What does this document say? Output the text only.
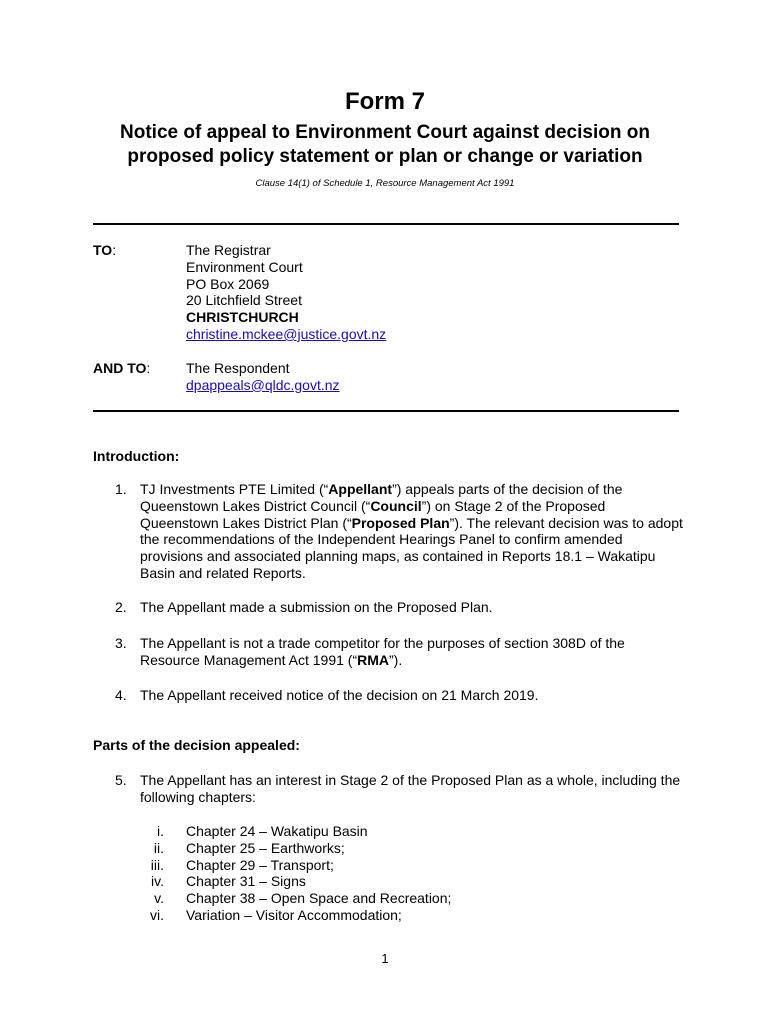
Form 7
Notice of appeal to Environment Court against decision on
proposed policy statement or plan or change or variation
Clause 14(1) of Schedule 1, Resource Management Act 1991
TO:	The Registrar
Environment Court
PO Box 2069
20 Litchfield Street
CHRISTCHURCH
christine.mckee@justice.govt.nz
AND TO:	The Respondent
dpappeals@qldc.govt.nz
Introduction:
1. TJ Investments PTE Limited (“Appellant”) appeals parts of the decision of the Queenstown Lakes District Council (“Council”) on Stage 2 of the Proposed Queenstown Lakes District Plan (“Proposed Plan”). The relevant decision was to adopt the recommendations of the Independent Hearings Panel to confirm amended provisions and associated planning maps, as contained in Reports 18.1 – Wakatipu Basin and related Reports.
2. The Appellant made a submission on the Proposed Plan.
3. The Appellant is not a trade competitor for the purposes of section 308D of the Resource Management Act 1991 (“RMA”).
4. The Appellant received notice of the decision on 21 March 2019.
Parts of the decision appealed:
5. The Appellant has an interest in Stage 2 of the Proposed Plan as a whole, including the following chapters:
i.	Chapter 24 – Wakatipu Basin
ii.	Chapter 25 – Earthworks;
iii.	Chapter 29 – Transport;
iv.	Chapter 31 – Signs
v.	Chapter 38 – Open Space and Recreation;
vi.	Variation – Visitor Accommodation;
1
